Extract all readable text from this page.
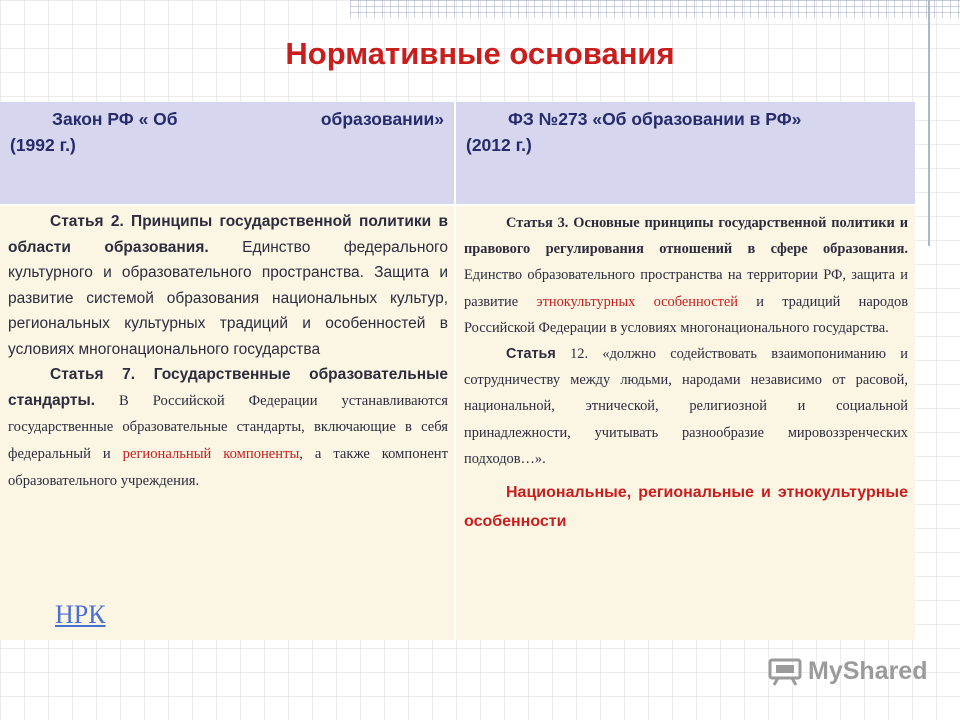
Нормативные основания
Закон РФ « Об	образовании»
(1992 г.)
ФЗ №273 «Об образовании в РФ»
(2012 г.)

Статья 2. Принципы государственной политики в области образования. Единство федерального культурного и образовательного пространства. Защита и развитие системой образования национальных культур, региональных культурных традиций и особенностей в условиях многонационального государства

Статья 7. Государственные образовательные стандарты. В Российской Федерации устанавливаются государственные образовательные стандарты, включающие в себя федеральный и региональный компоненты, а также компонент образовательного учреждения.

НРК

Статья 3. Основные принципы государственной политики и правового регулирования отношений в сфере образования. Единство образовательного пространства на территории РФ, защита и развитие этнокультурных особенностей и традиций народов Российской Федерации в условиях многонационального государства.

Статья 12. «должно содействовать взаимопониманию и сотрудничеству между людьми, народами независимо от расовой, национальной, этнической, религиозной и социальной принадлежности, учитывать разнообразие мировоззренческих подходов…».

Национальные, региональные и этнокультурные особенности

MyShared
